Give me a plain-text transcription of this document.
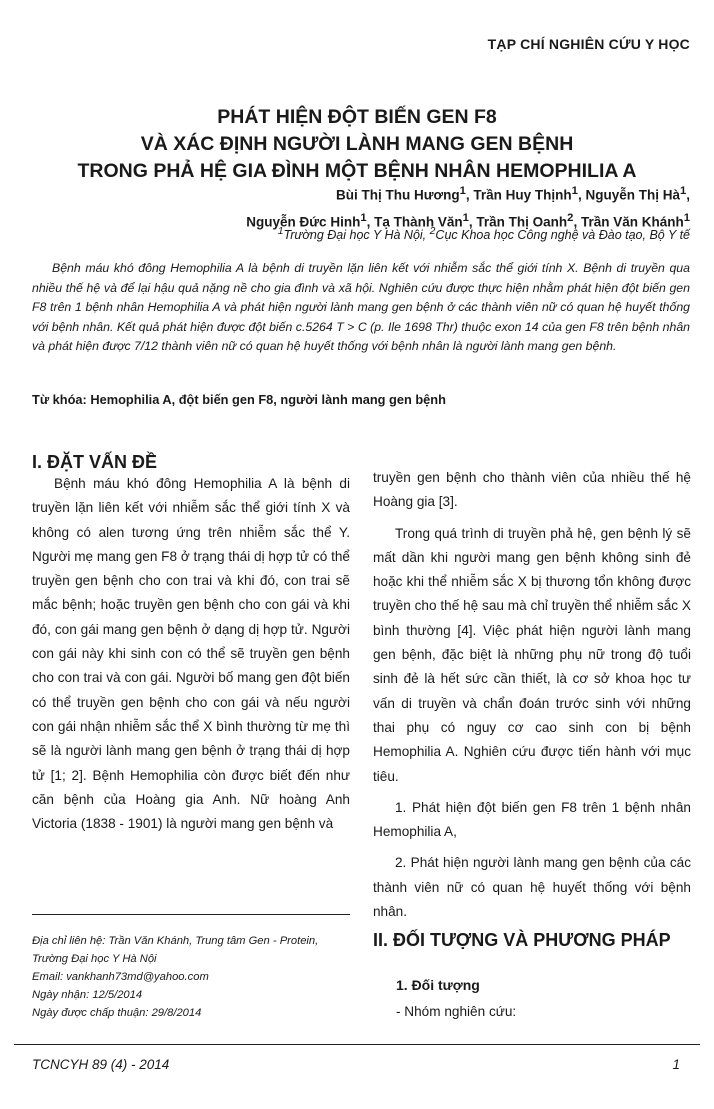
TẠP CHÍ NGHIÊN CỨU Y HỌC
PHÁT HIỆN ĐỘT BIẾN GEN F8
VÀ XÁC ĐỊNH NGƯỜI LÀNH MANG GEN BỆNH
TRONG PHẢ HỆ GIA ĐÌNH MỘT BỆNH NHÂN HEMOPHILIA A
Bùi Thị Thu Hương$^1$, Trần Huy Thịnh$^1$, Nguyễn Thị $Hà^1$,
Nguyễn Đức Hinh$^1$, Tạ Thành Văn$^1$, Trần Thị Oanh$^2$, Trần Văn Khánh$^1$
$^1$Trường Đại học Y Hà Nội, $^2$Cục Khoa học Công nghệ và Đào tạo, Bộ Y tế
Bệnh máu khó đông Hemophilia A là bệnh di truyền lặn liên kết với nhiễm sắc thể giới tính X. Bệnh di truyền qua nhiều thế hệ và để lại hậu quả nặng nề cho gia đình và xã hội. Nghiên cứu được thực hiện nhằm phát hiện đột biến gen F8 trên 1 bệnh nhân Hemophilia A và phát hiện người lành mang gen bệnh ở các thành viên nữ có quan hệ huyết thống với bệnh nhân. Kết quả phát hiện được đột biến c.5264 T > C (p. Ile 1698 Thr) thuộc exon 14 của gen F8 trên bệnh nhân và phát hiện được 7/12 thành viên nữ có quan hệ huyết thống với bệnh nhân là người lành mang gen bệnh.
Từ khóa: Hemophilia A, đột biến gen F8, người lành mang gen bệnh
I. ĐẶT VẤN ĐỀ

Bệnh máu khó đông Hemophilia A là bệnh di truyền lặn liên kết với nhiễm sắc thể giới tính X và không có alen tương ứng trên nhiễm sắc thể Y. Người mẹ mang gen F8 ở trạng thái dị hợp tử có thể truyền gen bệnh cho con trai và khi đó, con trai sẽ mắc bệnh; hoặc truyền gen bệnh cho con gái và khi đó, con gái mang gen bệnh ở dạng dị hợp tử. Người con gái này khi sinh con có thể sẽ truyền gen bệnh cho con trai và con gái. Người bố mang gen đột biến có thể truyền gen bệnh cho con gái và nếu người con gái nhận nhiễm sắc thể X bình thường từ mẹ thì sẽ là người lành mang gen bệnh ở trạng thái dị hợp tử [1; 2]. Bệnh Hemophilia còn được biết đến như căn bệnh của Hoàng gia Anh. Nữ hoàng Anh Victoria (1838 - 1901) là người mang gen bệnh và

Địa chỉ liên hệ: Trần Văn Khánh, Trung tâm Gen - Protein,
Trường Đại học Y Hà Nội
Email: vankhanh73md@yahoo.com
Ngày nhận: 12/5/2014
Ngày được chấp thuận: 29/8/2014

truyền gen bệnh cho thành viên của nhiều thế hệ Hoàng gia [3].

Trong quá trình di truyền phả hệ, gen bệnh lý sẽ mất dần khi người mang gen bệnh không sinh đẻ hoặc khi thể nhiễm sắc X bị thương tổn không được truyền cho thế hệ sau mà chỉ truyền thể nhiễm sắc X bình thường [4]. Việc phát hiện người lành mang gen bệnh, đặc biệt là những phụ nữ trong độ tuổi sinh đẻ là hết sức cần thiết, là cơ sở khoa học tư vấn di truyền và chẩn đoán trước sinh với những thai phụ có nguy cơ cao sinh con bị bệnh Hemophilia A. Nghiên cứu được tiến hành với mục tiêu.

1. Phát hiện đột biến gen F8 trên 1 bệnh nhân Hemophilia A,

2. Phát hiện người lành mang gen bệnh của các thành viên nữ có quan hệ huyết thống với bệnh nhân.

II. ĐỐI TƯỢNG VÀ PHƯƠNG PHÁP
1. Đối tượng
- Nhóm nghiên cứu:
TCNCYH 89 (4) - 2014	1
